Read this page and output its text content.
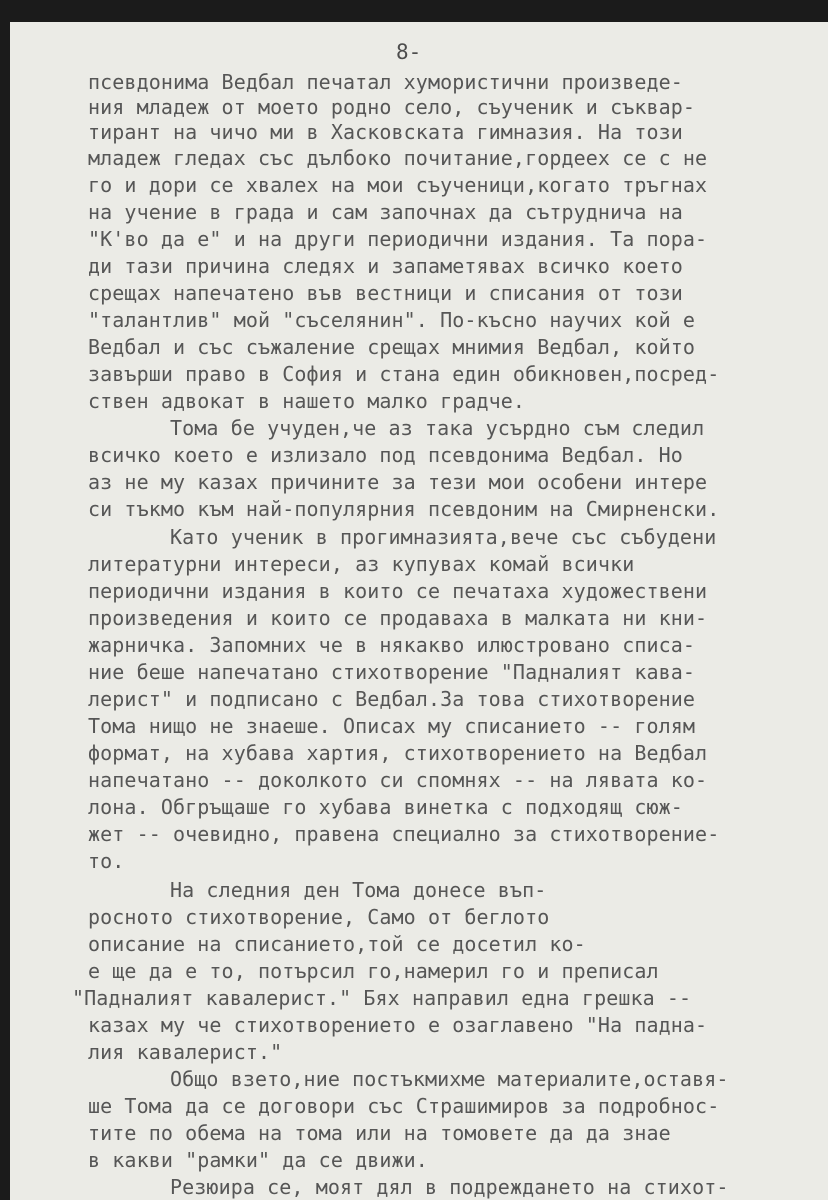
8-
псевдонима Ведбал печатал хумористични произведе-
ния младеж от моето родно село, съученик и съквар-
тирант на чичо ми в Хасковската гимназия. На този
младеж гледах със дълбоко почитание,гордеех се с не
го и дори се хвалех на мои съученици,когато тръгнах
на учение в града и сам започнах да сътруднича на
"К'во да е" и на други периодични издания. Та пора-
ди тази причина следях и запаметявах всичко което
срещах напечатено във вестници и списания от този
"талантлив" мой "съселянин". По-късно научих кой е
Ведбал и със съжаление срещах мнимия Ведбал, който
завърши право в София и стана един обикновен,посред-
ствен адвокат в нашето малко градче.
Тома бе учуден,че аз така усърдно съм следил
всичко което е излизало под псевдонима Ведбал. Но
аз не му казах причините за тези мои особени интере
си тъкмо към най-популярния псевдоним на Смирненски.
Като ученик в прогимназията,вече със събудени
литературни интереси, аз купувах комай всички
периодични издания в които се печатаха художествени
произведения и които се продаваха в малката ни кни-
жарничка. Запомних че в някакво илюстровано списа-
ние беше напечатано стихотворение "Падналият кава-
лерист" и подписано с Ведбал.За това стихотворение
Тома нищо не знаеше. Описах му списанието -- голям
формат, на хубава хартия, стихотворението на Ведбал
напечатано -- доколкото си спомнях -- на лявата ко-
лона. Обгръщаше го хубава винетка с подходящ сюж-
жет -- очевидно, правена специално за стихотворение-
то.
На следния ден Тома донесе въп-
росното стихотворение, Само от беглото
описание на списанието,той се досетил ко-
е ще да е то, потърсил го,намерил го и преписал
"Падналият кавалерист." Бях направил една грешка --
казах му че стихотворението е озаглавено "На падна-
лия кавалерист."
Общо взето,ние постъкмихме материалите,оставя-
ше Тома да се договори със Страшимиров за подробнос-
тите по обема на тома или на томовете да да знае
в какви "рамки" да се движи.
Резюира се, моят дял в подреждането на стихот-
